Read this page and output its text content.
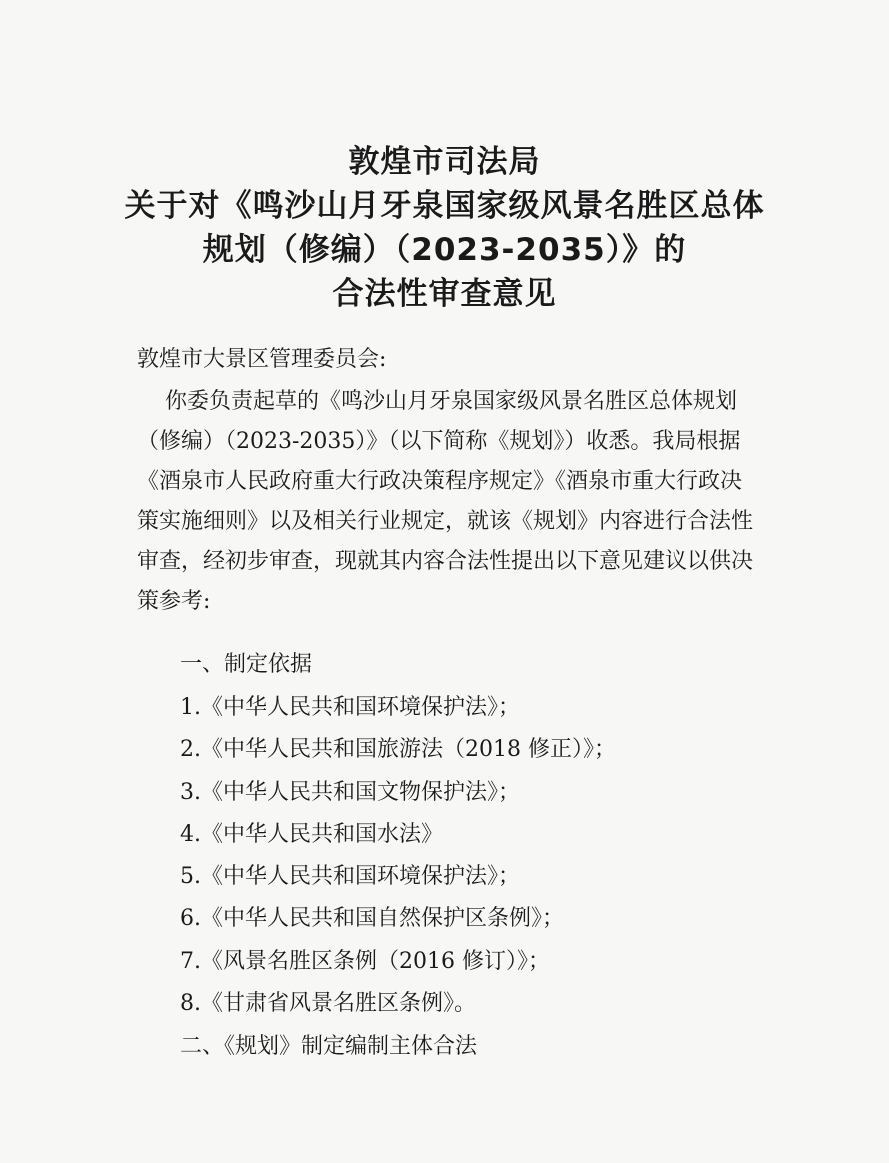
敦煌市司法局
关于对《鸣沙山月牙泉国家级风景名胜区总体
规划（修编）（2023-2035）》的
合法性审查意见
敦煌市大景区管理委员会:
你委负责起草的《鸣沙山月牙泉国家级风景名胜区总体规划
（修编）（2023-2035）》（以下简称《规划》）收悉。我局根据
《酒泉市人民政府重大行政决策程序规定》《酒泉市重大行政决
策实施细则》以及相关行业规定，就该《规划》内容进行合法性
审查，经初步审查，现就其内容合法性提出以下意见建议以供决
策参考:
一、制定依据
1.《中华人民共和国环境保护法》；
2.《中华人民共和国旅游法（2018 修正）》；
3.《中华人民共和国文物保护法》；
4.《中华人民共和国水法》
5.《中华人民共和国环境保护法》；
6.《中华人民共和国自然保护区条例》；
7.《风景名胜区条例（2016 修订）》；
8.《甘肃省风景名胜区条例》。
二、《规划》制定编制主体合法
